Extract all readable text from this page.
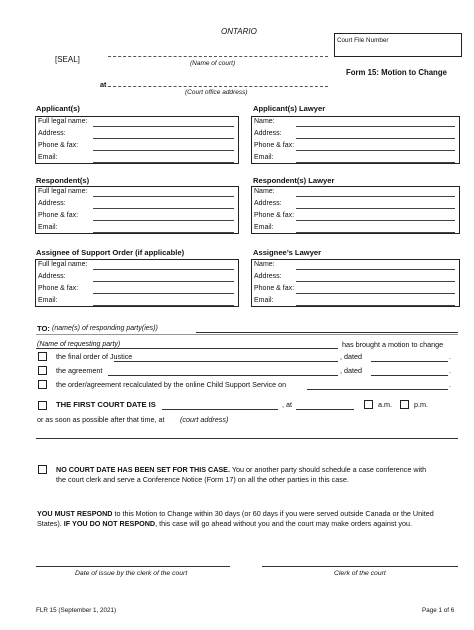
ONTARIO
Court File Number
[SEAL]	(Name of court)
Form 15: Motion to Change
at
(Court office address)
Applicant(s)
Full legal name:
Address:
Phone & fax:
Email:
Applicant(s) Lawyer
Name:
Address:
Phone & fax:
Email:
Respondent(s)
Full legal name:
Address:
Phone & fax:
Email:
Respondent(s) Lawyer
Name:
Address:
Phone & fax:
Email:
Assignee of Support Order (if applicable)
Full legal name:
Address:
Phone & fax:
Email:
Assignee’s Lawyer
Name:
Address:
Phone & fax:
Email:
TO: (name(s) of responding party(ies))
(Name of requesting party)	has brought a motion to change
the final order of Justice	, dated	.
the agreement	, dated	.
the order/agreement recalculated by the online Child Support Service on	.
THE FIRST COURT DATE IS	, at	a.m.	p.m.
or as soon as possible after that time, at (court address)
NO COURT DATE HAS BEEN SET FOR THIS CASE. You or another party should schedule a case conference with
the court clerk and serve a Conference Notice (Form 17) on all the other parties in this case.
YOU MUST RESPOND to this Motion to Change within 30 days (or 60 days if you were served outside Canada or the United
States). IF YOU DO NOT RESPOND, this case will go ahead without you and the court may make orders against you.
Date of issue by the clerk of the court	Clerk of the court
FLR 15 (September 1, 2021)	Page 1 of 6
